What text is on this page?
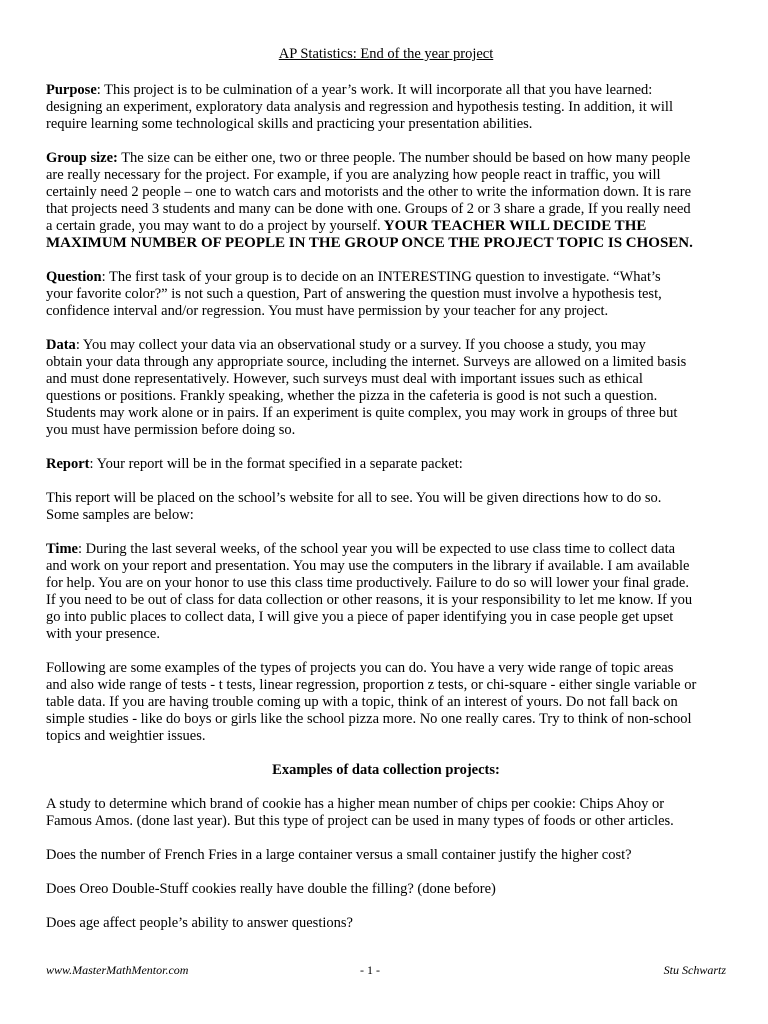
AP Statistics: End of the year project

Purpose: This project is to be culmination of a year’s work. It will incorporate all that you have learned:
designing an experiment, exploratory data analysis and regression and hypothesis testing. In addition, it will
require learning some technological skills and practicing your presentation abilities.

Group size: The size can be either one, two or three people. The number should be based on how many people
are really necessary for the project. For example, if you are analyzing how people react in traffic, you will
certainly need 2 people – one to watch cars and motorists and the other to write the information down. It is rare
that projects need 3 students and many can be done with one. Groups of 2 or 3 share a grade, If you really need
a certain grade, you may want to do a project by yourself. YOUR TEACHER WILL DECIDE THE
MAXIMUM NUMBER OF PEOPLE IN THE GROUP ONCE THE PROJECT TOPIC IS CHOSEN.

Question: The first task of your group is to decide on an INTERESTING question to investigate. “What’s
your favorite color?” is not such a question, Part of answering the question must involve a hypothesis test,
confidence interval and/or regression. You must have permission by your teacher for any project.

Data: You may collect your data via an observational study or a survey. If you choose a study, you may
obtain your data through any appropriate source, including the internet. Surveys are allowed on a limited basis
and must done representatively. However, such surveys must deal with important issues such as ethical
questions or positions. Frankly speaking, whether the pizza in the cafeteria is good is not such a question.
Students may work alone or in pairs. If an experiment is quite complex, you may work in groups of three but
you must have permission before doing so.

Report: Your report will be in the format specified in a separate packet:

This report will be placed on the school’s website for all to see. You will be given directions how to do so.
Some samples are below:

Time: During the last several weeks, of the school year you will be expected to use class time to collect data
and work on your report and presentation. You may use the computers in the library if available. I am available
for help. You are on your honor to use this class time productively. Failure to do so will lower your final grade.
If you need to be out of class for data collection or other reasons, it is your responsibility to let me know. If you
go into public places to collect data, I will give you a piece of paper identifying you in case people get upset
with your presence.

Following are some examples of the types of projects you can do. You have a very wide range of topic areas
and also wide range of tests - t tests, linear regression, proportion z tests, or chi-square - either single variable or
table data. If you are having trouble coming up with a topic, think of an interest of yours. Do not fall back on
simple studies - like do boys or girls like the school pizza more. No one really cares. Try to think of non-school
topics and weightier issues.

Examples of data collection projects:

A study to determine which brand of cookie has a higher mean number of chips per cookie: Chips Ahoy or
Famous Amos. (done last year). But this type of project can be used in many types of foods or other articles.

Does the number of French Fries in a large container versus a small container justify the higher cost?

Does Oreo Double-Stuff cookies really have double the filling? (done before)

Does age affect people’s ability to answer questions?

www.MasterMathMentor.com	- 1 -	Stu Schwartz
